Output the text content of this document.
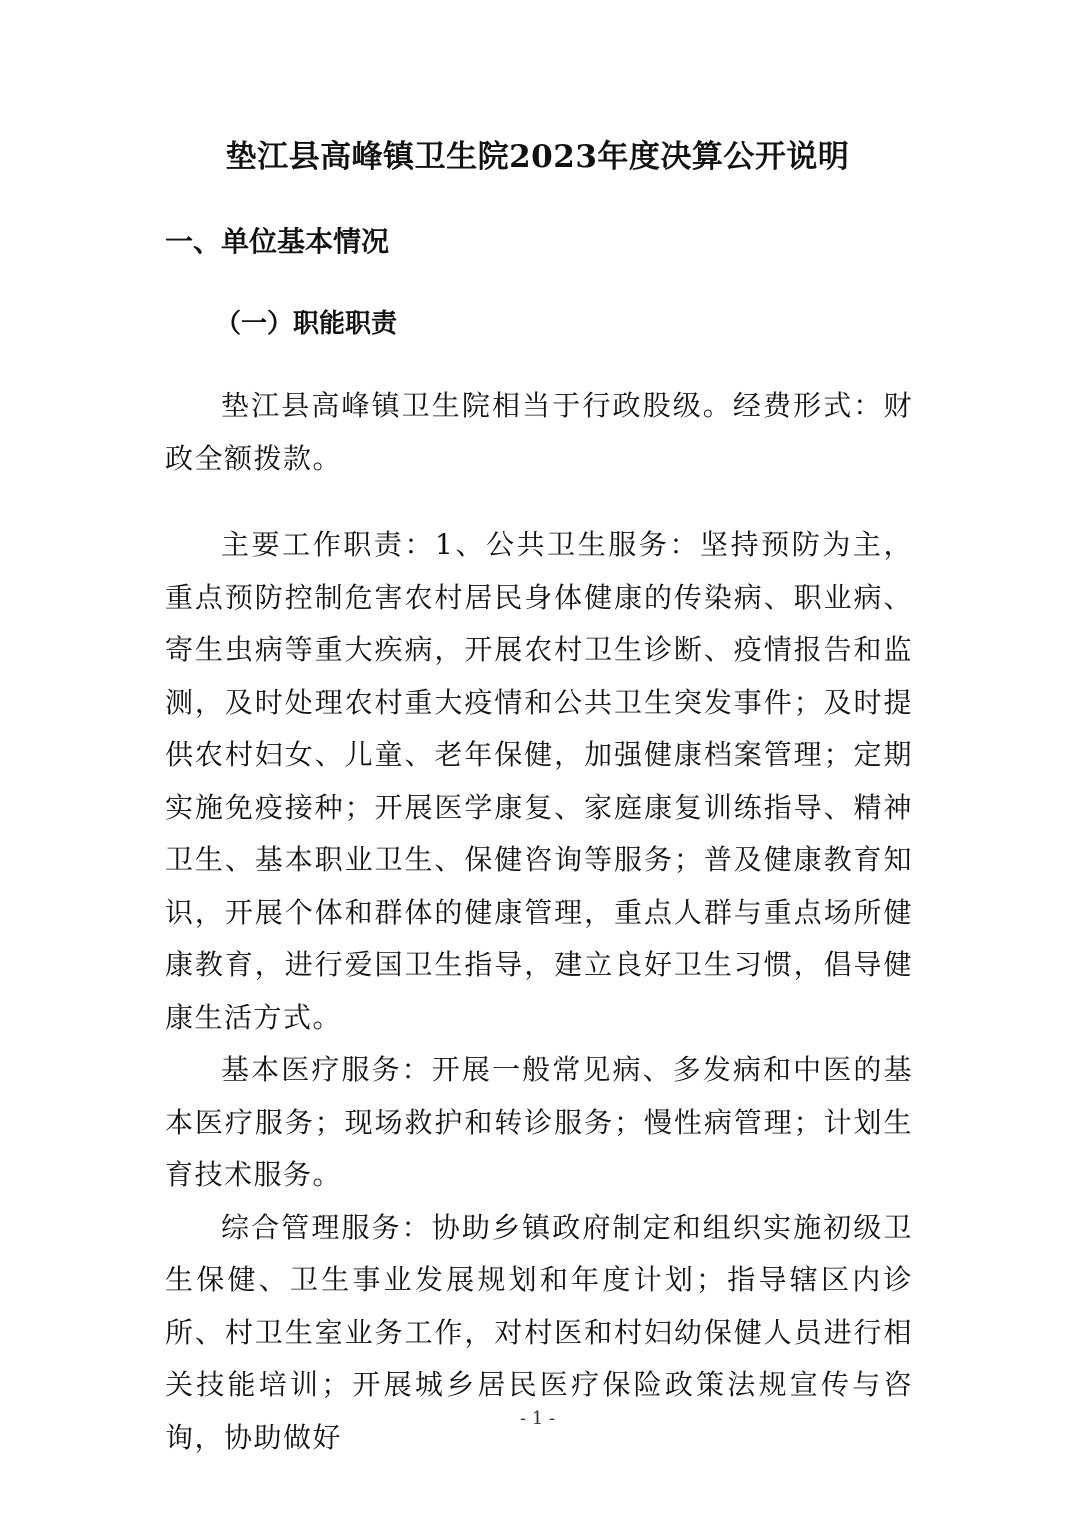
垫江县高峰镇卫生院2023年度决算公开说明
一、单位基本情况
（一）职能职责

垫江县高峰镇卫生院相当于行政股级。经费形式：财政全额拨款。

主要工作职责：1、公共卫生服务：坚持预防为主，重点预防控制危害农村居民身体健康的传染病、职业病、寄生虫病等重大疾病，开展农村卫生诊断、疫情报告和监测，及时处理农村重大疫情和公共卫生突发事件；及时提供农村妇女、儿童、老年保健，加强健康档案管理；定期实施免疫接种；开展医学康复、家庭康复训练指导、精神卫生、基本职业卫生、保健咨询等服务；普及健康教育知识，开展个体和群体的健康管理，重点人群与重点场所健康教育，进行爱国卫生指导，建立良好卫生习惯，倡导健康生活方式。

基本医疗服务：开展一般常见病、多发病和中医的基本医疗服务；现场救护和转诊服务；慢性病管理；计划生育技术服务。

综合管理服务：协助乡镇政府制定和组织实施初级卫生保健、卫生事业发展规划和年度计划；指导辖区内诊所、村卫生室业务工作，对村医和村妇幼保健人员进行相关技能培训；开展城乡居民医疗保险政策法规宣传与咨询，协助做好

- 1 -
